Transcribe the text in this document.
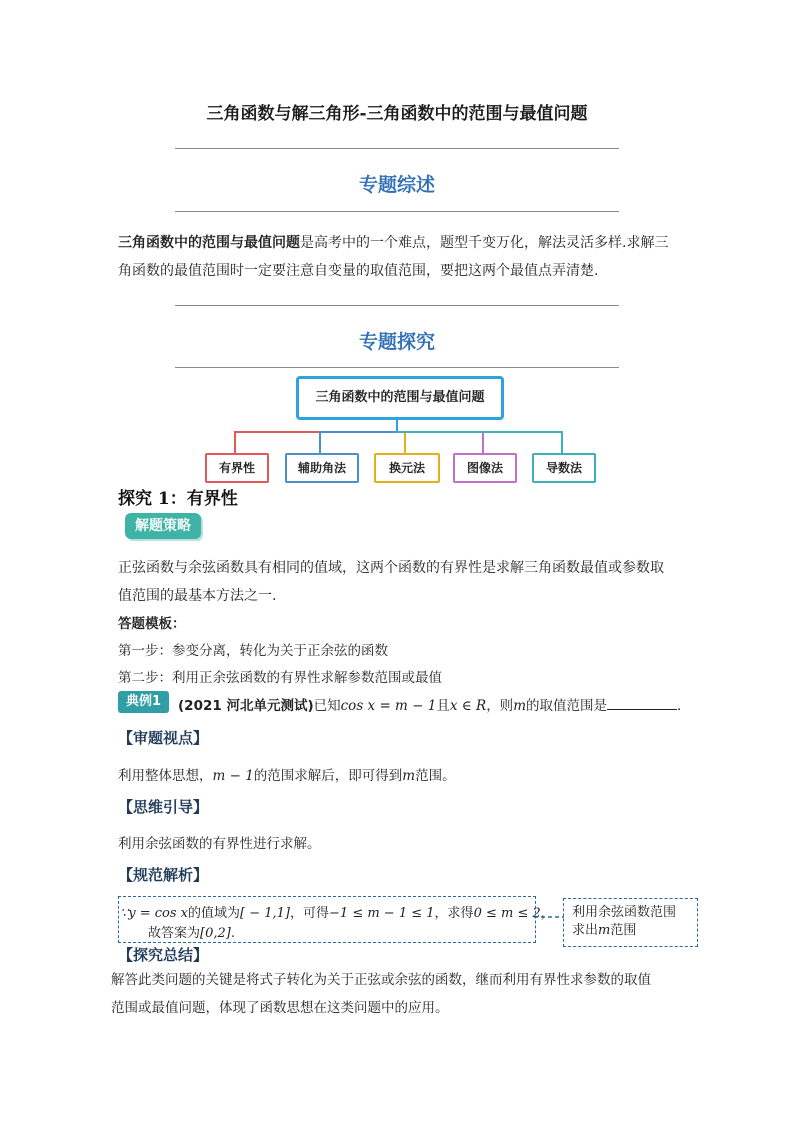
三角函数与解三角形-三角函数中的范围与最值问题
专题综述
三角函数中的范围与最值问题是高考中的一个难点，题型千变万化，解法灵活多样.求解三
角函数的最值范围时一定要注意自变量的取值范围，要把这两个最值点弄清楚.
专题探究
三角函数中的范围与最值问题
有界性	辅助角法	换元法	图像法	导数法
探究 1：有界性
解题策略
正弦函数与余弦函数具有相同的值域，这两个函数的有界性是求解三角函数最值或参数取
值范围的最基本方法之一.
答题模板：
第一步：参变分离，转化为关于正余弦的函数
第二步：利用正余弦函数的有界性求解参数范围或最值
典例1	(2021 河北单元测试)已知cos x = m − 1且x ∈ R，则m的取值范围是	.
【审题视点】
利用整体思想，m − 1的范围求解后，即可得到m范围。
【思维引导】
利用余弦函数的有界性进行求解。
【规范解析】
∵y = cos x的值域为[ − 1,1]，可得−1 ≤ m − 1 ≤ 1，求得0 ≤ m ≤ 2，
故答案为[0,2].
利用余弦函数范围
求出m范围
【探究总结】
解答此类问题的关键是将式子转化为关于正弦或余弦的函数，继而利用有界性求参数的取值
范围或最值问题，体现了函数思想在这类问题中的应用。
